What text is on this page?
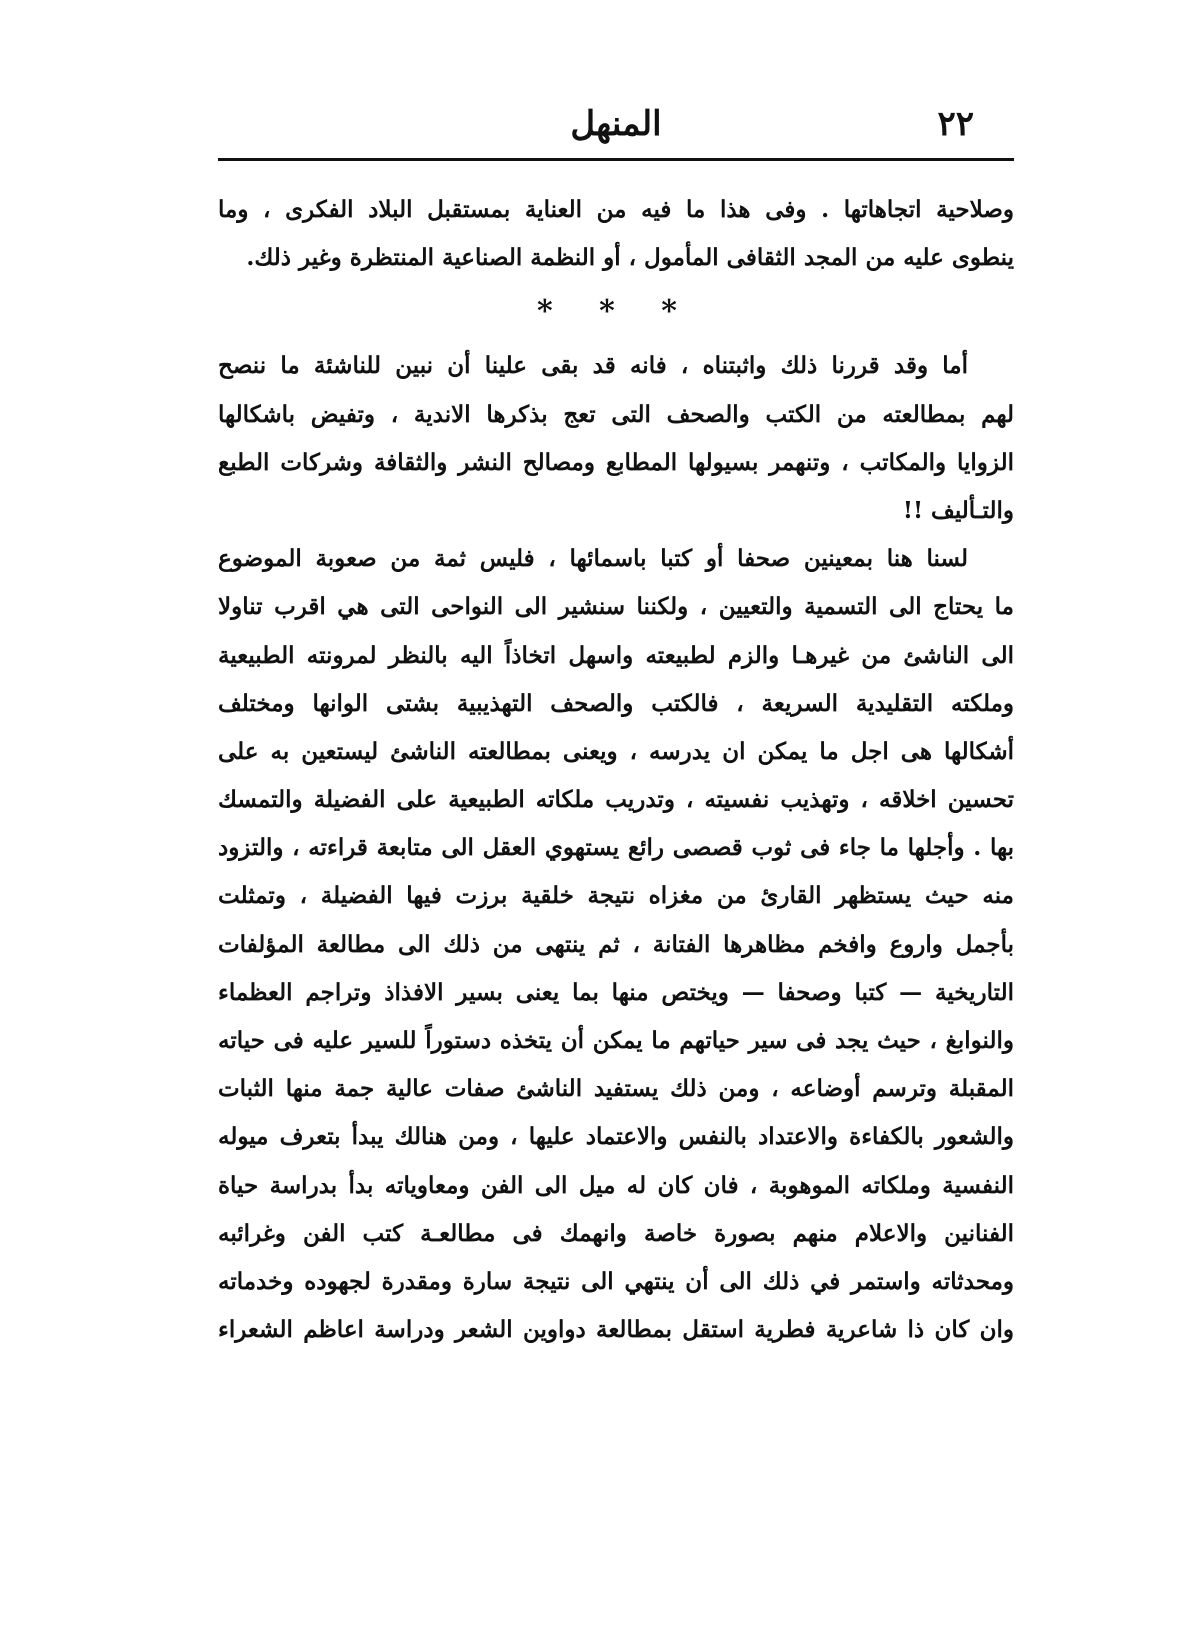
٢٢
المنهل
وصلاحية اتجاهاتها . وفى هذا ما فيه من العناية بمستقبل البلاد الفكرى ، وما
ينطوى عليه من المجد الثقافى المأمول ، أو النظمة الصناعية المنتظرة وغير ذلك.
* * *
أما وقد قررنا ذلك واثبتناه ، فانه قد بقى علينا أن نبين للناشئة ما ننصح
لهم بمطالعته من الكتب والصحف التى تعج بذكرها الاندية ، وتفيض باشكالها
الزوايا والمكاتب ، وتنهمر بسيولها المطابع ومصالح النشر والثقافة وشركات الطبع
والتـأليف !!
لسنا هنا بمعينين صحفا أو كتبا باسمائها ، فليس ثمة من صعوبة الموضوع
ما يحتاج الى التسمية والتعيين ، ولكننا سنشير الى النواحى التى هي اقرب تناولا
الى الناشئ من غيرهـا والزم لطبيعته واسهل اتخاذاً اليه بالنظر لمرونته الطبيعية
وملكته التقليدية السريعة ، فالكتب والصحف التهذيبية بشتى الوانها ومختلف
أشكالها هى اجل ما يمكن ان يدرسه ، ويعنى بمطالعته الناشئ ليستعين به على
تحسين اخلاقه ، وتهذيب نفسيته ، وتدريب ملكاته الطبيعية على الفضيلة والتمسك
بها . وأجلها ما جاء فى ثوب قصصى رائع يستهوي العقل الى متابعة قراءته ، والتزود
منه حيث يستظهر القارئ من مغزاه نتيجة خلقية برزت فيها الفضيلة ، وتمثلت
بأجمل واروع وافخم مظاهرها الفتانة ، ثم ينتهى من ذلك الى مطالعة المؤلفات
التاريخية — كتبا وصحفا — ويختص منها بما يعنى بسير الافذاذ وتراجم العظماء
والنوابغ ، حيث يجد فى سير حياتهم ما يمكن أن يتخذه دستوراً للسير عليه فى حياته
المقبلة وترسم أوضاعه ، ومن ذلك يستفيد الناشئ صفات عالية جمة منها الثبات
والشعور بالكفاءة والاعتداد بالنفس والاعتماد عليها ، ومن هنالك يبدأ بتعرف ميوله
النفسية وملكاته الموهوبة ، فان كان له ميل الى الفن ومعاوياته بدأ بدراسة حياة
الفنانين والاعلام منهم بصورة خاصة وانهمك فى مطالعـة كتب الفن وغرائبه
ومحدثاته واستمر في ذلك الى أن ينتهي الى نتيجة سارة ومقدرة لجهوده وخدماته
وان كان ذا شاعرية فطرية استقل بمطالعة دواوين الشعر ودراسة اعاظم الشعراء
